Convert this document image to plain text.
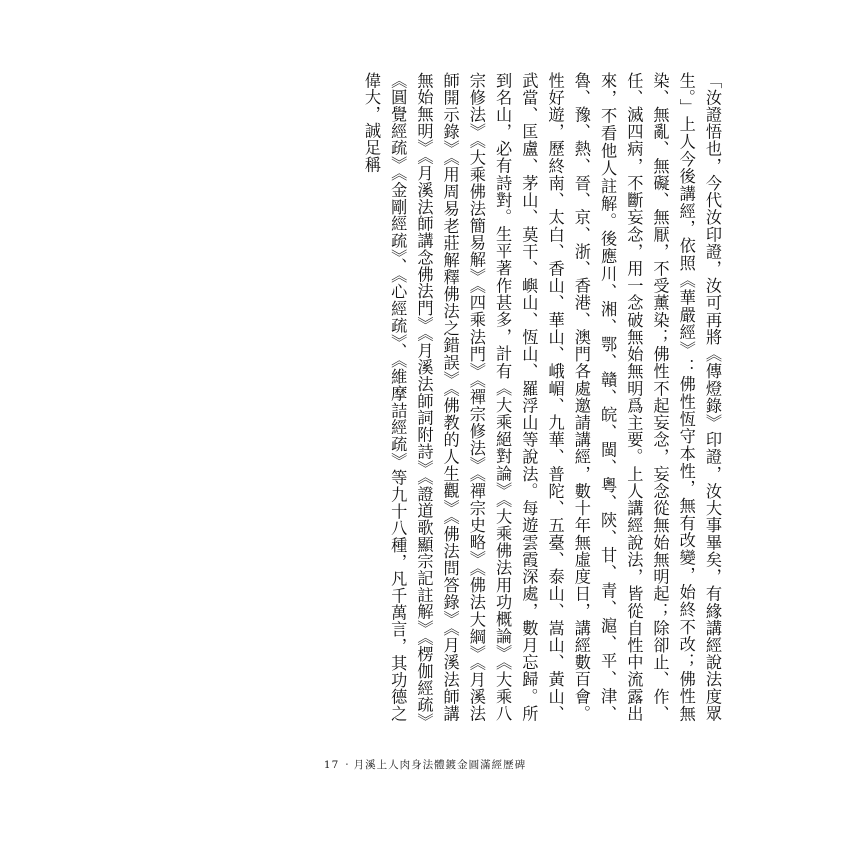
「汝證悟也，今代汝印證，汝可再將《傳燈錄》印證，汝大事畢矣，有緣講經說法度眾生。」上人今後講經，依照《華嚴經》：佛性恆守本性，無有改變，始終不改；佛性無染、無亂、無礙、無厭，不受薰染；佛性不起妄念，妄念從無始無明起；除卻止、作、任、滅四病，不斷妄念，用一念破無始無明爲主要。上人講經說法，皆從自性中流露出來，不看他人註解。後應川、湘、鄂、贛、皖、閩、粵、陝、甘、青、滬、平、津、魯、豫、熱、晉、京、浙、香港、澳門各處邀請講經，數十年無虛度日，講經數百會。性好遊，歷終南、太白、香山、華山、峨嵋、九華、普陀、五臺、泰山、嵩山、黃山、武當、匡盧、茅山、莫干、嶼山、恆山、羅浮山等說法。每遊雲霞深處，數月忘歸。所到名山，必有詩對。生平著作甚多，計有《大乘絕對論》《大乘佛法用功概論》《大乘八宗修法》《大乘佛法簡易解》《四乘法門》《禪宗修法》《禪宗史略》《佛法大綱》《月溪法師開示錄》《用周易老莊解釋佛法之錯誤》《佛教的人生觀》《佛法問答錄》《月溪法師講無始無明》《月溪法師講念佛法門》《月溪法師詞附詩》《證道歌顯宗記註解》《楞伽經疏》《圓覺經疏》《金剛經疏》、《心經疏》、《維摩詰經疏》等九十八種，凡千萬言，其功德之偉大，誠足稱

17 ‧ 月溪上人肉身法體鍍金圓滿經歷碑
